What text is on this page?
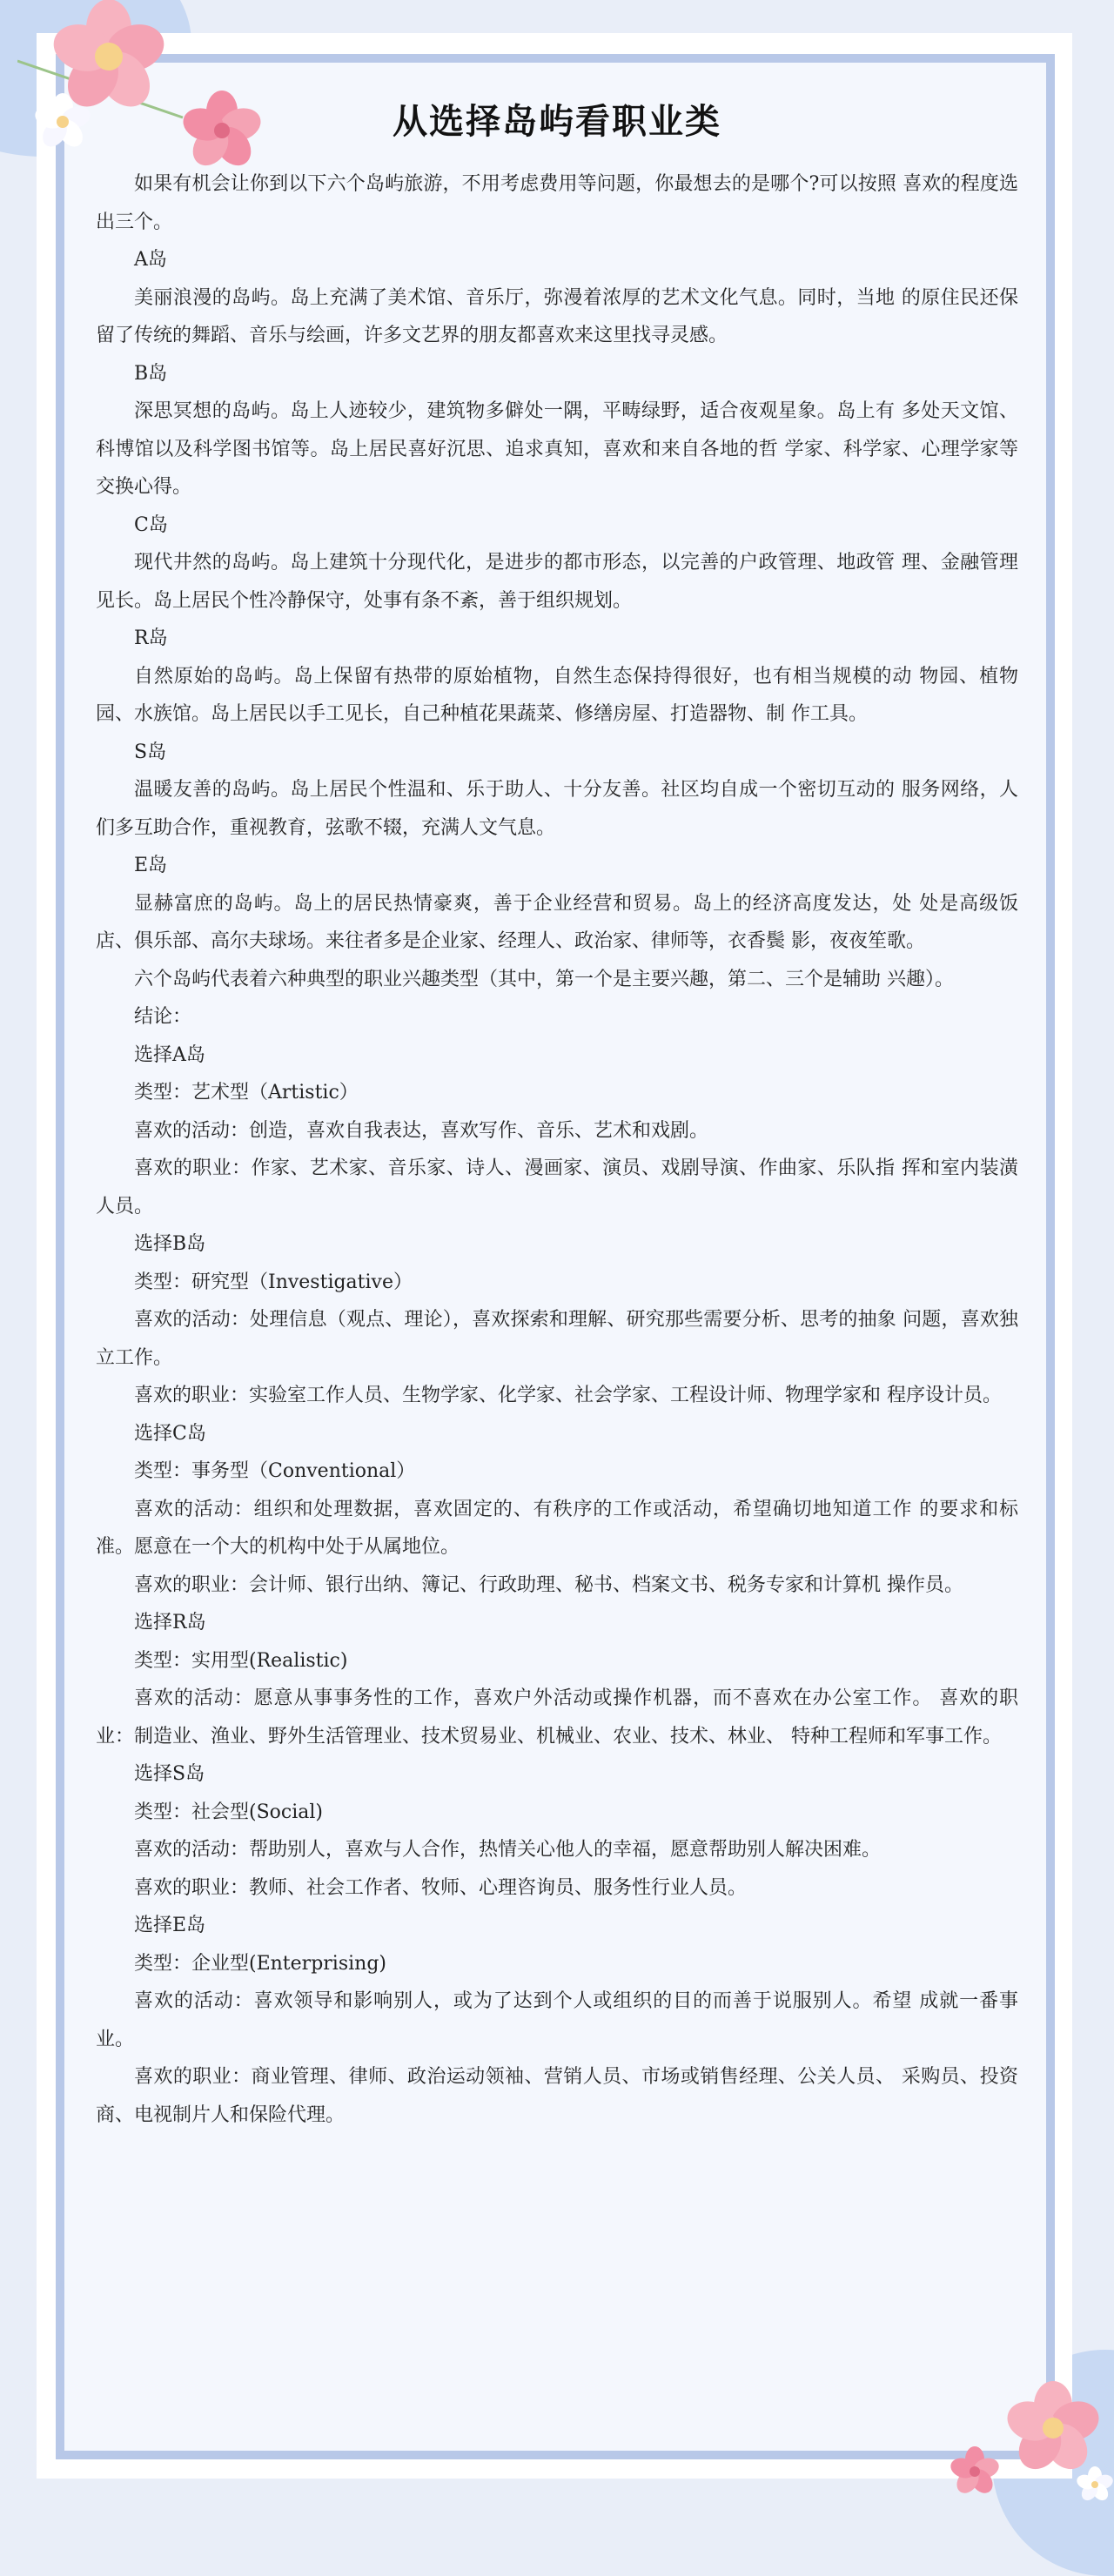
从选择岛屿看职业类

如果有机会让你到以下六个岛屿旅游，不用考虑费用等问题，你最想去的是哪个?可以按照 喜欢的程度选出三个。

A岛

美丽浪漫的岛屿。岛上充满了美术馆、音乐厅，弥漫着浓厚的艺术文化气息。同时，当地 的原住民还保留了传统的舞蹈、音乐与绘画，许多文艺界的朋友都喜欢来这里找寻灵感。

B岛

深思冥想的岛屿。岛上人迹较少，建筑物多僻处一隅，平畴绿野，适合夜观星象。岛上有 多处天文馆、科博馆以及科学图书馆等。岛上居民喜好沉思、追求真知，喜欢和来自各地的哲 学家、科学家、心理学家等交换心得。

C岛

现代井然的岛屿。岛上建筑十分现代化，是进步的都市形态，以完善的户政管理、地政管 理、金融管理见长。岛上居民个性冷静保守，处事有条不紊，善于组织规划。

R岛

自然原始的岛屿。岛上保留有热带的原始植物，自然生态保持得很好，也有相当规模的动 物园、植物园、水族馆。岛上居民以手工见长，自己种植花果蔬菜、修缮房屋、打造器物、制 作工具。

S岛

温暖友善的岛屿。岛上居民个性温和、乐于助人、十分友善。社区均自成一个密切互动的 服务网络，人们多互助合作，重视教育，弦歌不辍，充满人文气息。

E岛

显赫富庶的岛屿。岛上的居民热情豪爽，善于企业经营和贸易。岛上的经济高度发达，处 处是高级饭店、俱乐部、高尔夫球场。来往者多是企业家、经理人、政治家、律师等，衣香鬓 影，夜夜笙歌。

六个岛屿代表着六种典型的职业兴趣类型（其中，第一个是主要兴趣，第二、三个是辅助 兴趣）。

结论：

选择A岛

类型：艺术型（Artistic）

喜欢的活动：创造，喜欢自我表达，喜欢写作、音乐、艺术和戏剧。

喜欢的职业：作家、艺术家、音乐家、诗人、漫画家、演员、戏剧导演、作曲家、乐队指 挥和室内装潢人员。

选择B岛

类型：研究型（Investigative）

喜欢的活动：处理信息（观点、理论），喜欢探索和理解、研究那些需要分析、思考的抽象 问题，喜欢独立工作。

喜欢的职业：实验室工作人员、生物学家、化学家、社会学家、工程设计师、物理学家和 程序设计员。

选择C岛

类型：事务型（Conventional）

喜欢的活动：组织和处理数据，喜欢固定的、有秩序的工作或活动，希望确切地知道工作 的要求和标准。愿意在一个大的机构中处于从属地位。

喜欢的职业：会计师、银行出纳、簿记、行政助理、秘书、档案文书、税务专家和计算机 操作员。

选择R岛

类型：实用型(Realistic)

喜欢的活动：愿意从事事务性的工作，喜欢户外活动或操作机器，而不喜欢在办公室工作。 喜欢的职业：制造业、渔业、野外生活管理业、技术贸易业、机械业、农业、技术、林业、 特种工程师和军事工作。

选择S岛

类型：社会型(Social)

喜欢的活动：帮助别人，喜欢与人合作，热情关心他人的幸福，愿意帮助别人解决困难。

喜欢的职业：教师、社会工作者、牧师、心理咨询员、服务性行业人员。

选择E岛

类型：企业型(Enterprising)

喜欢的活动：喜欢领导和影响别人，或为了达到个人或组织的目的而善于说服别人。希望 成就一番事业。

喜欢的职业：商业管理、律师、政治运动领袖、营销人员、市场或销售经理、公关人员、 采购员、投资商、电视制片人和保险代理。
